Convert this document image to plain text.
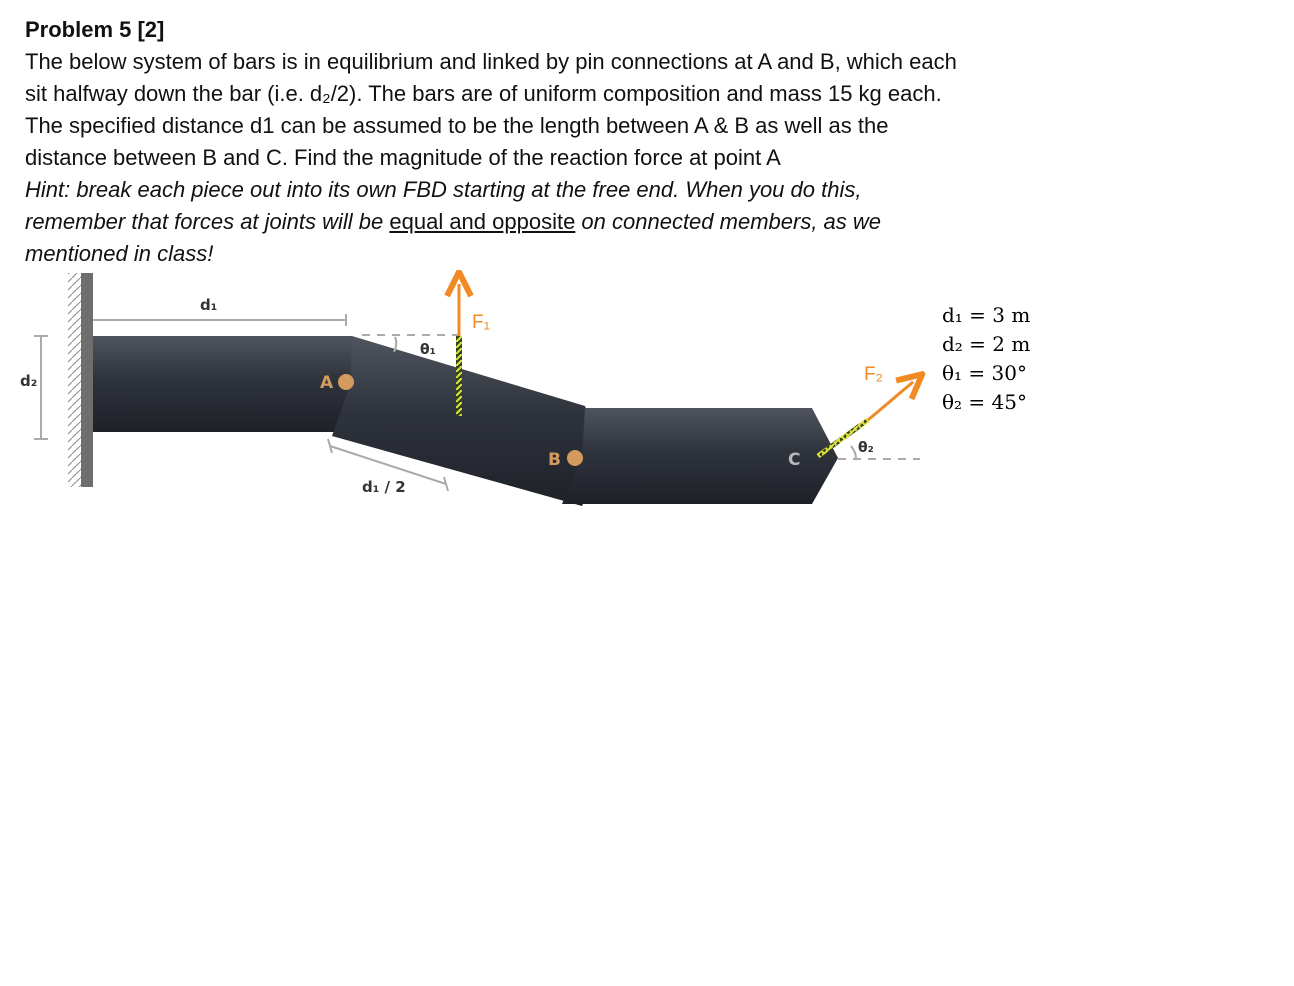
Problem 5 [2]

The below system of bars is in equilibrium and linked by pin connections at A and B, which each

sit halfway down the bar (i.e. d₂/2). The bars are of uniform composition and mass 15 kg each.

The specified distance d1 can be assumed to be the length between A & B as well as the

distance between B and C. Find the magnitude of the reaction force at point A

Hint: break each piece out into its own FBD starting at the free end. When you do this,

remember that forces at joints will be equal and opposite on connected members, as we

mentioned in class!

d₂
d₁
θ₁
F₁
d₁ / 2
A
B	C
F₂
θ₂
d₁ = 3 m
d₂ = 2 m
θ₁ = 30°
θ₂ = 45°
